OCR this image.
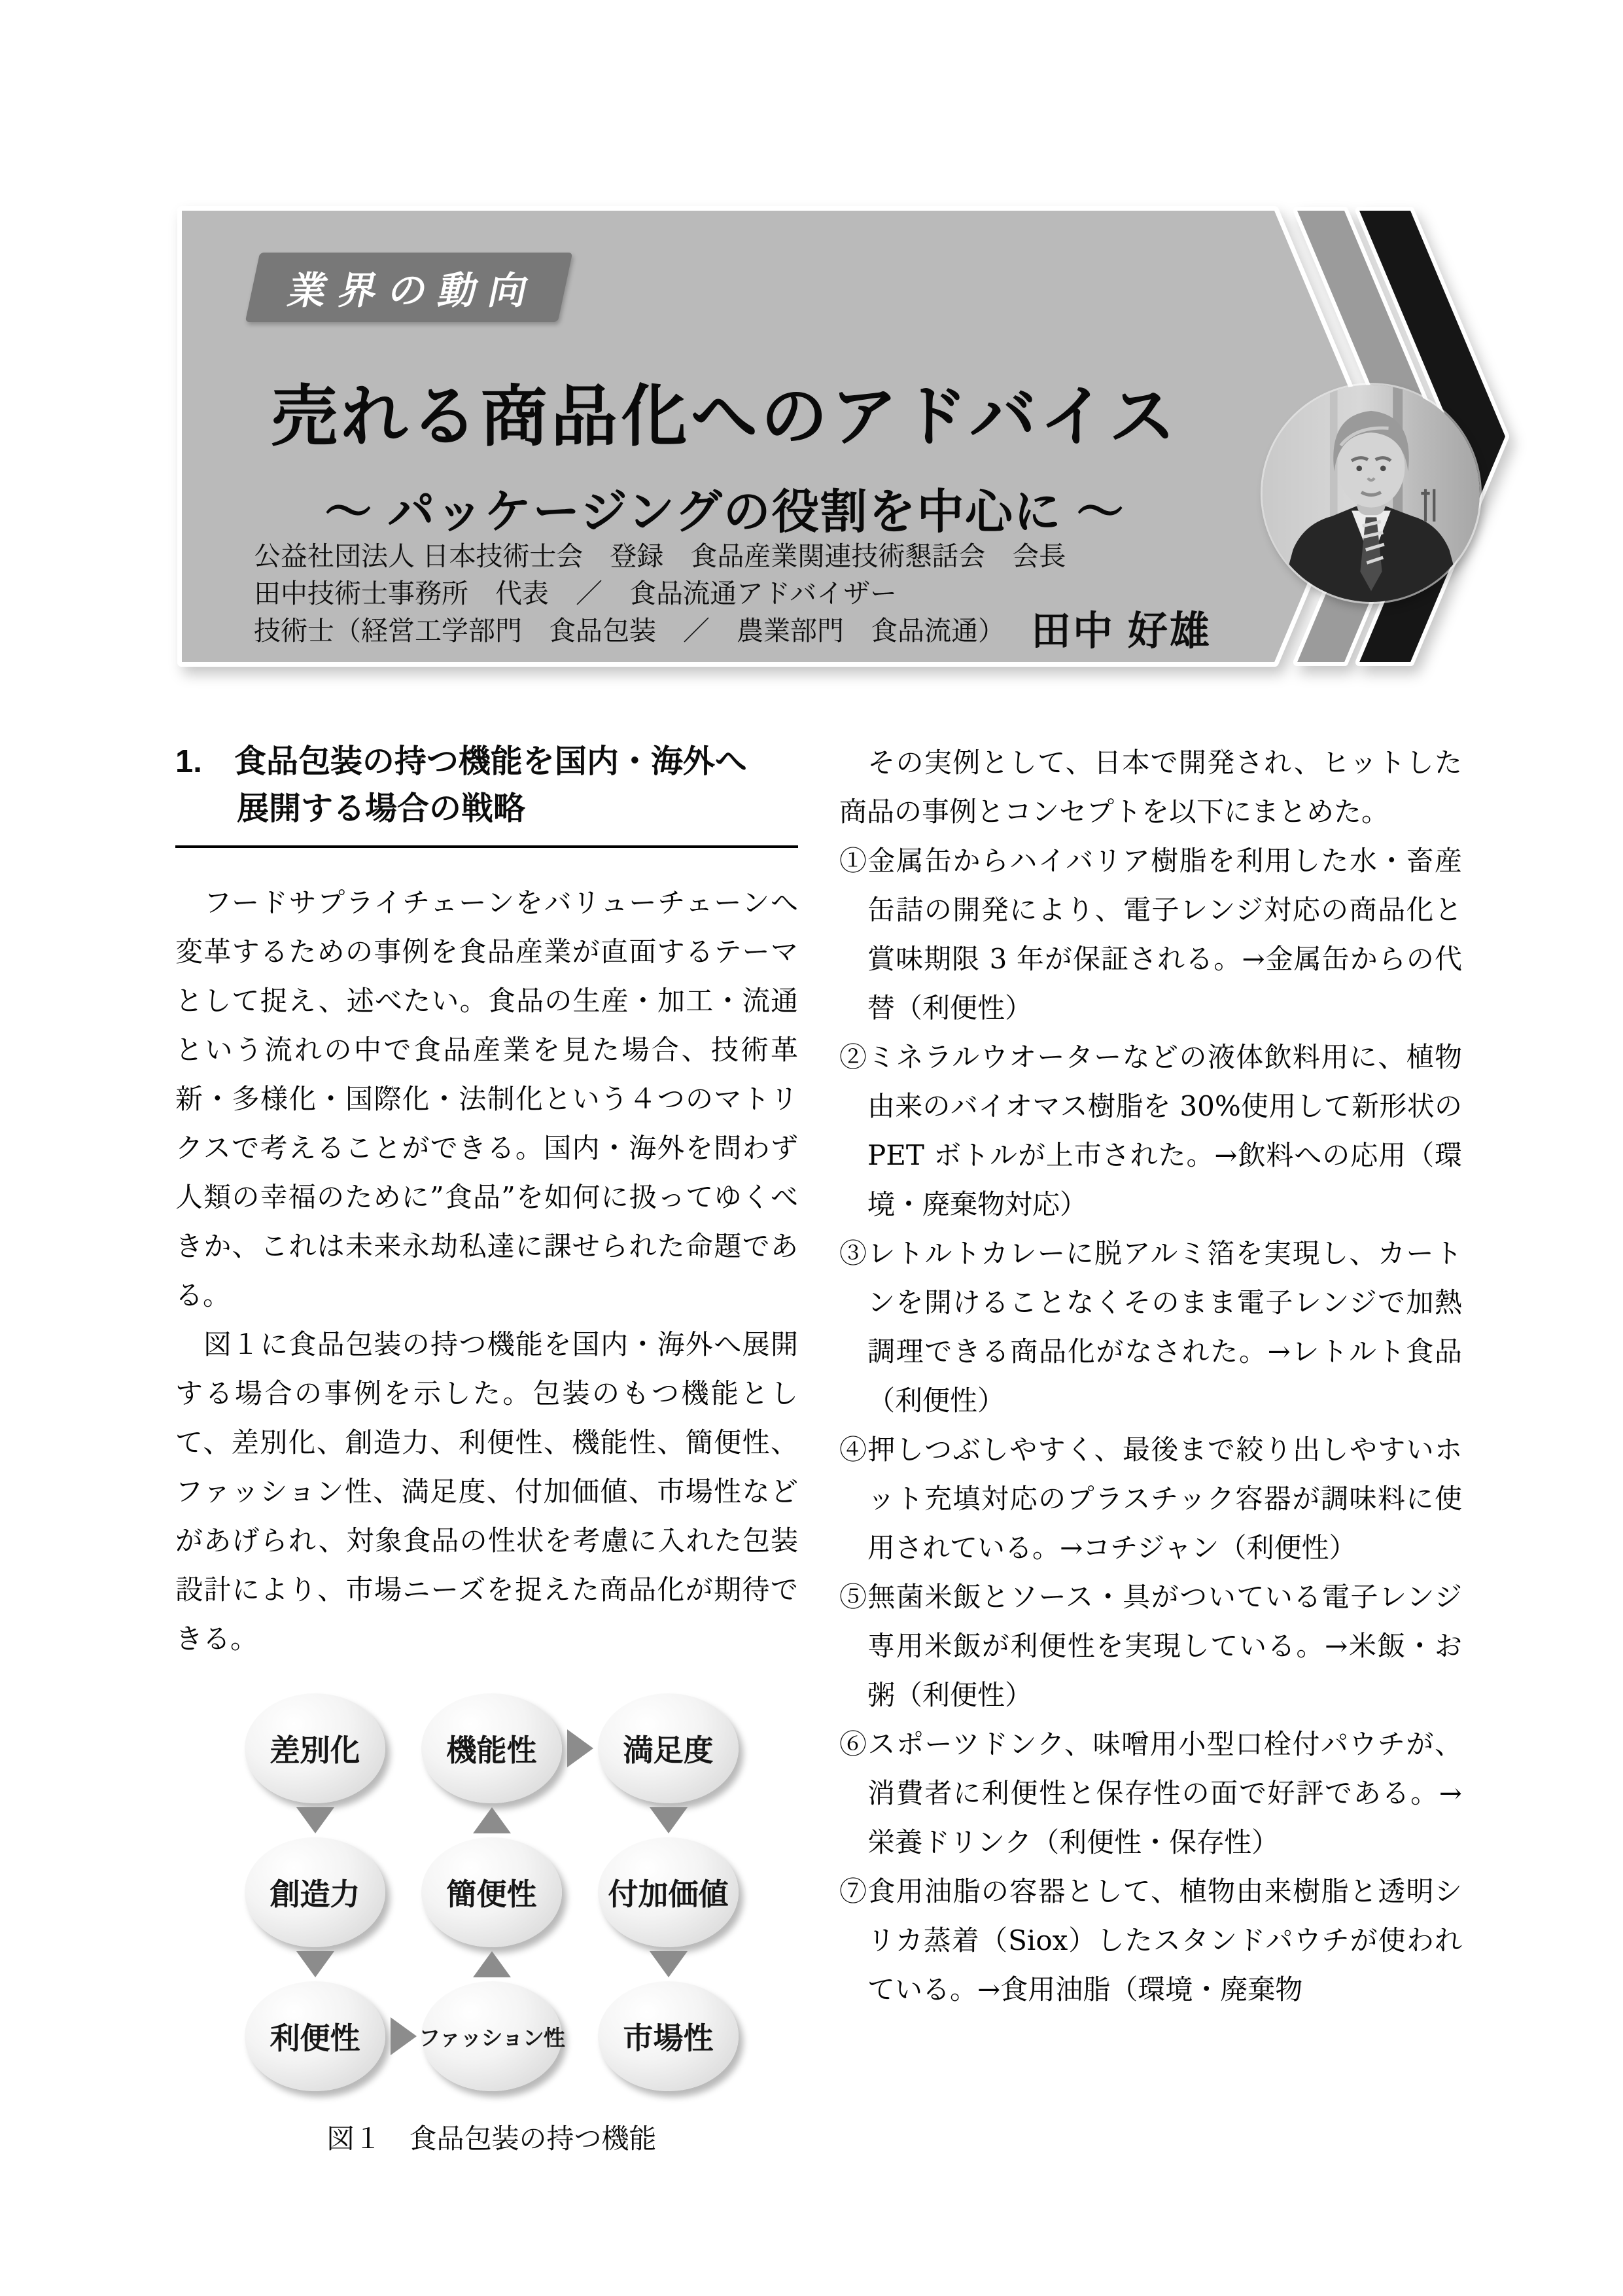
業界の動向
売れる商品化へのアドバイス
～ パッケージングの役割を中心に ～
公益社団法人 日本技術士会　登録　食品産業関連技術懇話会　会長
田中技術士事務所　代表　／　食品流通アドバイザー
技術士（経営工学部門　食品包装　／　農業部門　食品流通） 田中 好雄
1.　食品包装の持つ機能を国内・海外へ
展開する場合の戦略

　フードサプライチェーンをバリューチェーンへ変革するための事例を食品産業が直面するテーマとして捉え、述べたい。食品の生産・加工・流通という流れの中で食品産業を見た場合、技術革新・多様化・国際化・法制化という４つのマトリクスで考えることができる。国内・海外を問わず人類の幸福のために”食品”を如何に扱ってゆくべきか、これは未来永劫私達に課せられた命題である。

　図１に食品包装の持つ機能を国内・海外へ展開する場合の事例を示した。包装のもつ機能として、差別化、創造力、利便性、機能性、簡便性、ファッション性、満足度、付加価値、市場性などがあげられ、対象食品の性状を考慮に入れた包装設計により、市場ニーズを捉えた商品化が期待できる。

差別化	機能性	満足度
創造力	簡便性	付加価値
利便性	ファッション性	市場性
図１　食品包装の持つ機能

　その実例として、日本で開発され、ヒットした商品の事例とコンセプトを以下にまとめた。

①金属缶からハイバリア樹脂を利用した水・畜産缶詰の開発により、電子レンジ対応の商品化と賞味期限 3 年が保証される。→金属缶からの代替（利便性）

②ミネラルウオーターなどの液体飲料用に、植物由来のバイオマス樹脂を 30%使用して新形状の PET ボトルが上市された。→飲料への応用（環境・廃棄物対応）

③レトルトカレーに脱アルミ箔を実現し、カートンを開けることなくそのまま電子レンジで加熱調理できる商品化がなされた。→レトルト食品（利便性）

④押しつぶしやすく、最後まで絞り出しやすいホット充填対応のプラスチック容器が調味料に使用されている。→コチジャン（利便性）

⑤無菌米飯とソース・具がついている電子レンジ専用米飯が利便性を実現している。→米飯・お粥（利便性）

⑥スポーツドンク、味噌用小型口栓付パウチが、消費者に利便性と保存性の面で好評である。→栄養ドリンク（利便性・保存性）

⑦食用油脂の容器として、植物由来樹脂と透明シリカ蒸着（Siox）したスタンドパウチが使われている。→食用油脂（環境・廃棄物
